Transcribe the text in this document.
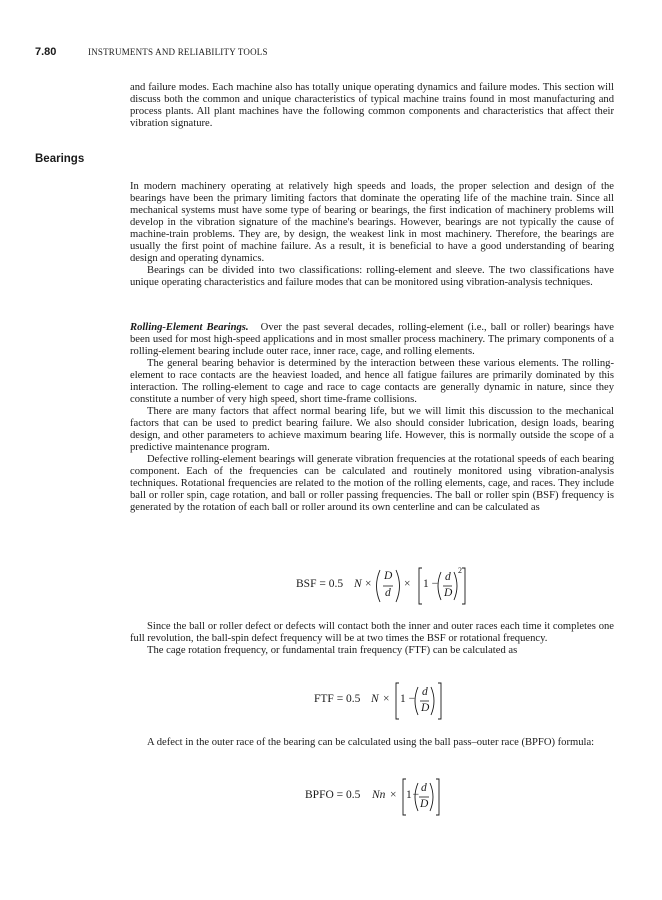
7.80	INSTRUMENTS AND RELIABILITY TOOLS

and failure modes. Each machine also has totally unique operating dynamics and failure modes. This section will discuss both the common and unique characteristics of typical machine trains found in most manufacturing and process plants. All plant machines have the following common components and characteristics that affect their vibration signature.

Bearings

In modern machinery operating at relatively high speeds and loads, the proper selection and design of the bearings have been the primary limiting factors that dominate the operating life of the machine train. Since all mechanical systems must have some type of bearing or bearings, the first indication of machinery problems will develop in the vibration signature of the machine's bearings. However, bearings are not typically the cause of machine-train problems. They are, by design, the weakest link in most machinery. Therefore, the bearings are usually the first point of machine failure. As a result, it is beneficial to have a good understanding of bearing design and operating dynamics.

Bearings can be divided into two classifications: rolling-element and sleeve. The two classifications have unique operating characteristics and failure modes that can be monitored using vibration-analysis techniques.

Rolling-Element Bearings. Over the past several decades, rolling-element (i.e., ball or roller) bearings have been used for most high-speed applications and in most smaller process machinery. The primary components of a rolling-element bearing include outer race, inner race, cage, and rolling elements.

The general bearing behavior is determined by the interaction between these various elements. The rolling-element to race contacts are the heaviest loaded, and hence all fatigue failures are primarily dominated by this interaction. The rolling-element to cage and race to cage contacts are generally dynamic in nature, since they constitute a number of very high speed, short time-frame collisions.

There are many factors that affect normal bearing life, but we will limit this discussion to the mechanical factors that can be used to predict bearing failure. We also should consider lubrication, design loads, bearing design, and other parameters to achieve maximum bearing life. However, this is normally outside the scope of a predictive maintenance program.

Defective rolling-element bearings will generate vibration frequencies at the rotational speeds of each bearing component. Each of the frequencies can be calculated and routinely monitored using vibration-analysis techniques. Rotational frequencies are related to the motion of the rolling elements, cage, and races. They include ball or roller spin, cage rotation, and ball or roller passing frequencies. The ball or roller spin (BSF) frequency is generated by the rotation of each ball or roller around its own centerline and can be calculated as

BSF = 0.5 N ×
D
d
× 1 −
d
D
2

Since the ball or roller defect or defects will contact both the inner and outer races each time it completes one full revolution, the ball-spin defect frequency will be at two times the BSF or rotational frequency.

The cage rotation frequency, or fundamental train frequency (FTF) can be calculated as

FTF = 0.5 N × 1 −
d
D

A defect in the outer race of the bearing can be calculated using the ball pass–outer race (BPFO) formula:

BPFO = 0.5 Nn × 1 −
d
D
